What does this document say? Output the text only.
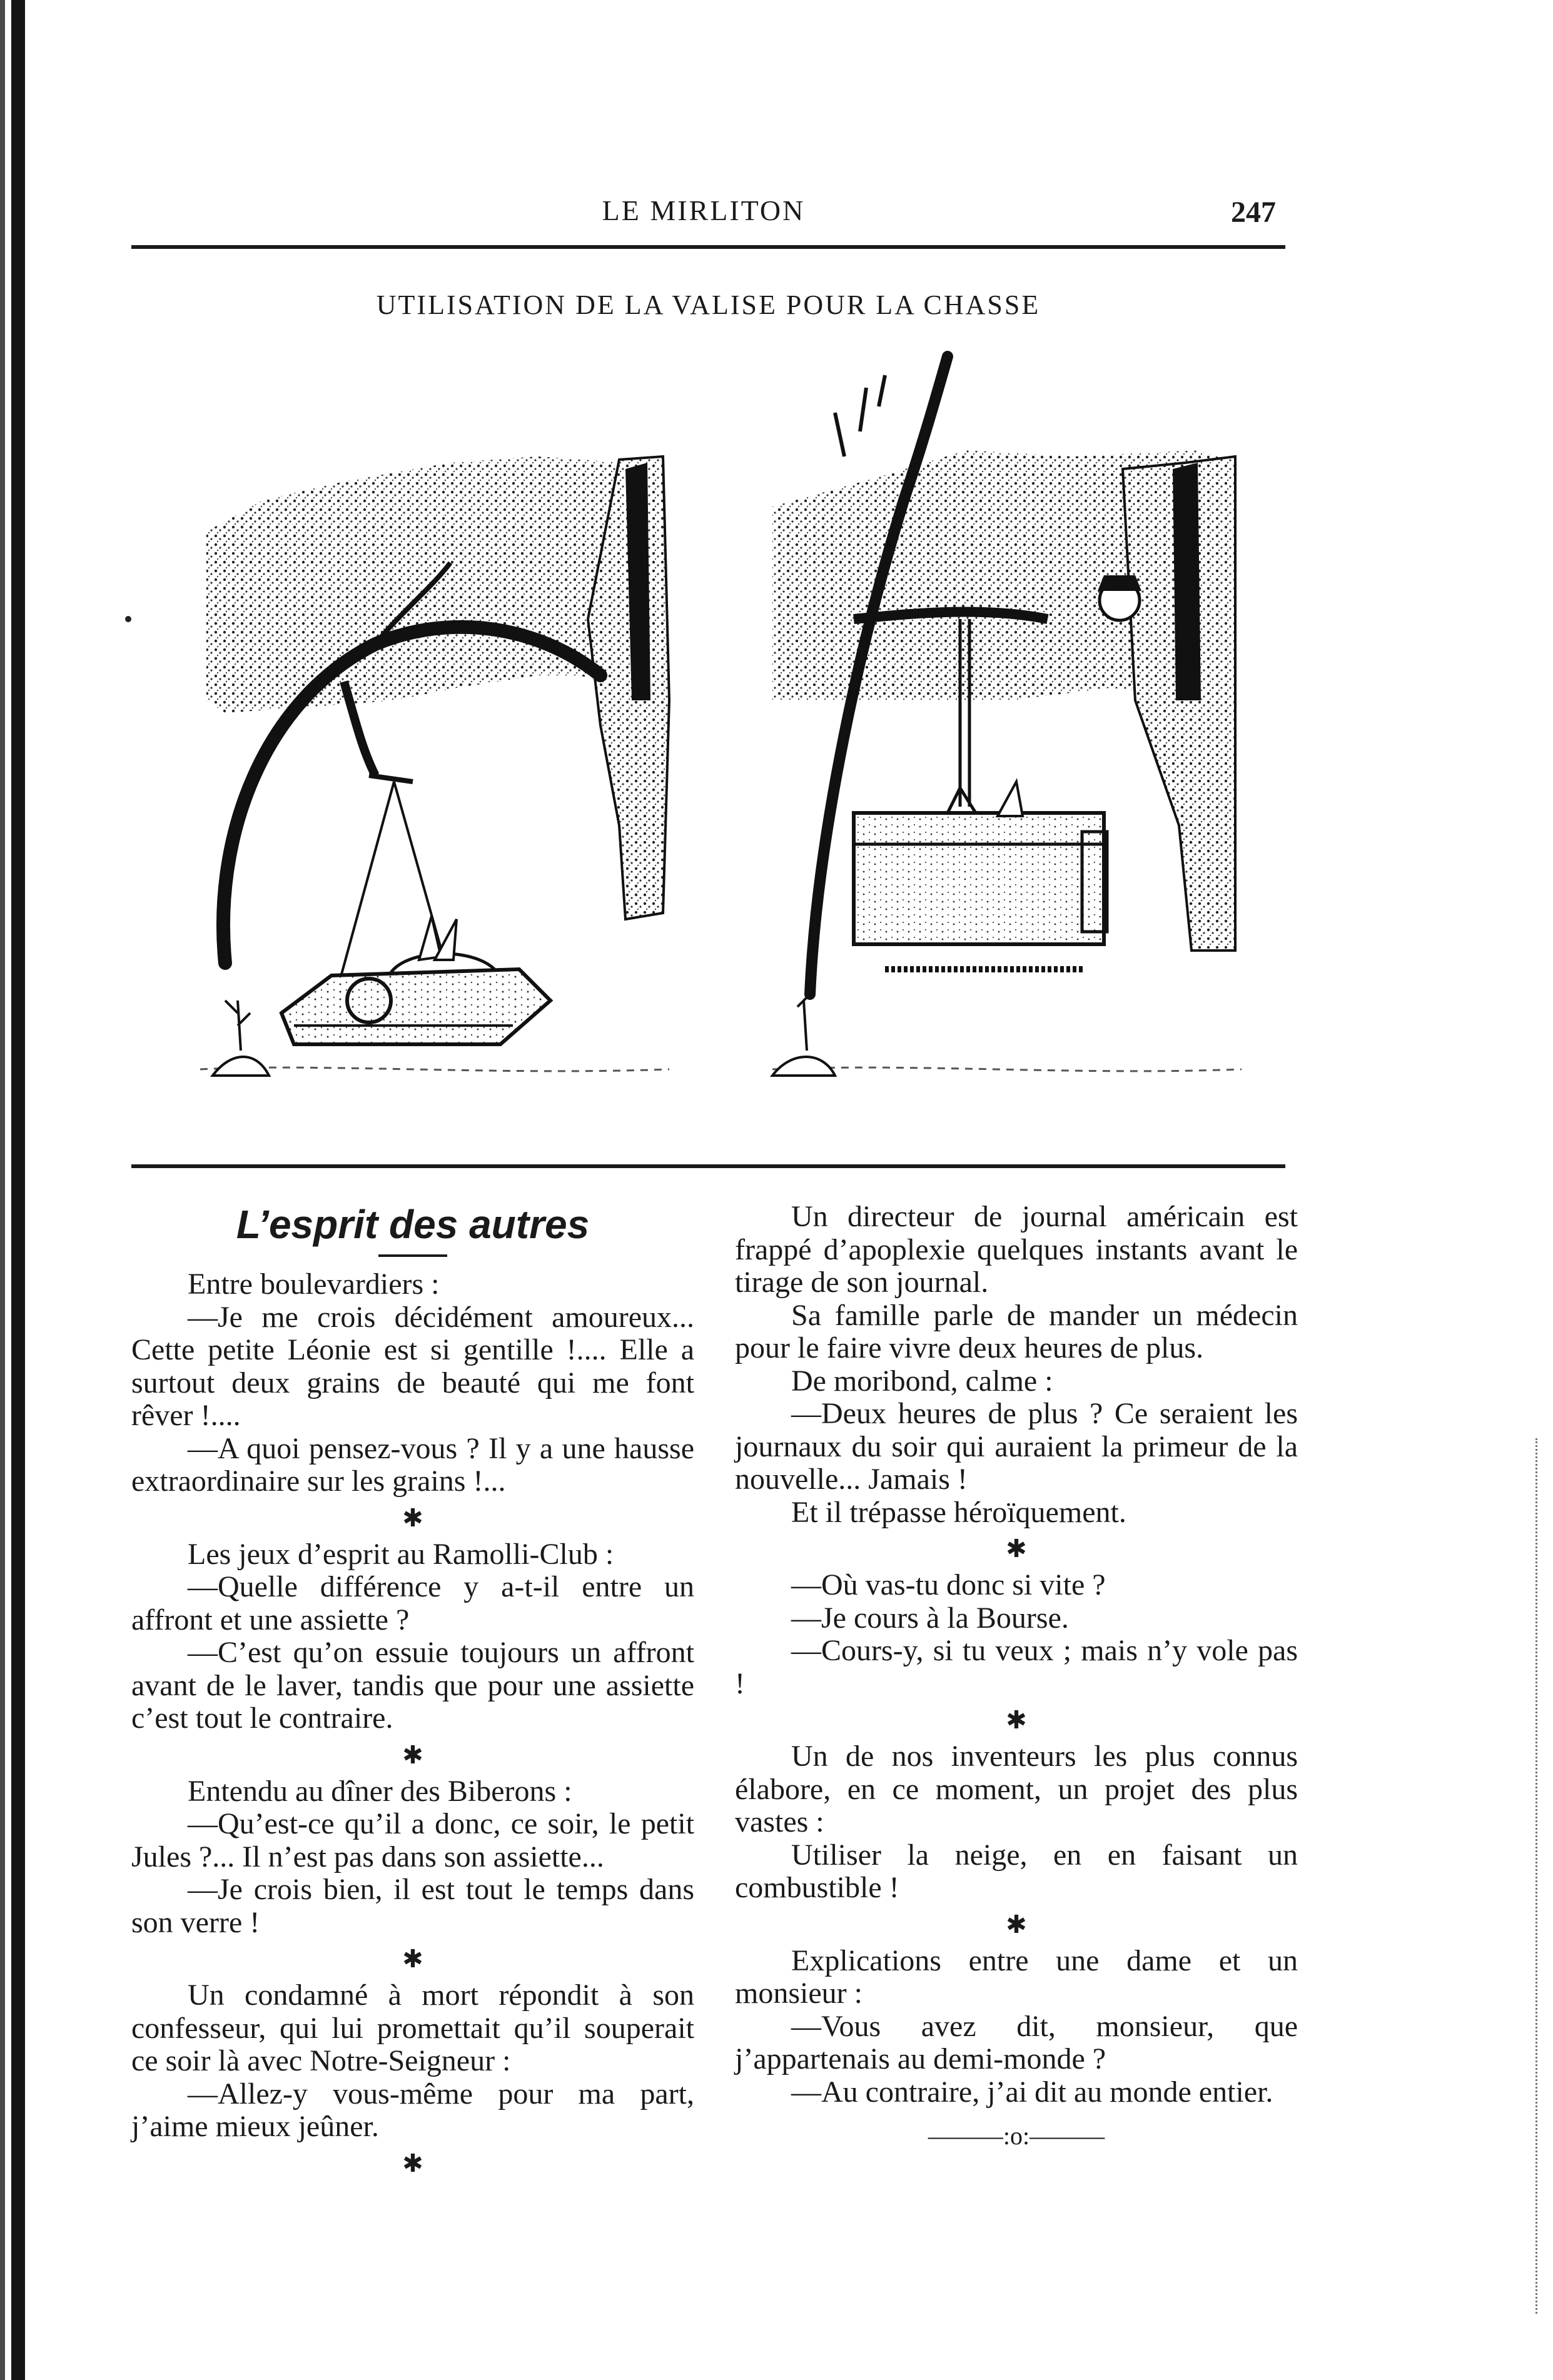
LE MIRLITON	247
UTILISATION DE LA VALISE POUR LA CHASSE
L’esprit des autres

Entre boulevardiers :

—Je me crois décidément amoureux... Cette petite Léonie est si gentille !.... Elle a surtout deux grains de beauté qui me font rêver !....

—A quoi pensez-vous ? Il y a une hausse extraordinaire sur les grains !...

✱

Les jeux d’esprit au Ramolli-Club :

—Quelle différence y a-t-il entre un affront et une assiette ?

—C’est qu’on essuie toujours un affront avant de le laver, tandis que pour une assiette c’est tout le contraire.

✱

Entendu au dîner des Biberons :

—Qu’est-ce qu’il a donc, ce soir, le petit Jules ?... Il n’est pas dans son assiette...

—Je crois bien, il est tout le temps dans son verre !

✱

Un condamné à mort répondit à son confesseur, qui lui promettait qu’il souperait ce soir là avec Notre-Seigneur :

—Allez-y vous-même pour ma part, j’aime mieux jeûner.

✱

Un directeur de journal américain est frappé d’apoplexie quelques instants avant le tirage de son journal.

Sa famille parle de mander un médecin pour le faire vivre deux heures de plus.

De moribond, calme :

—Deux heures de plus ? Ce seraient les journaux du soir qui auraient la primeur de la nouvelle... Jamais !

Et il trépasse héroïquement.

✱

—Où vas-tu donc si vite ?

—Je cours à la Bourse.

—Cours-y, si tu veux ; mais n’y vole pas !

✱

Un de nos inventeurs les plus connus élabore, en ce moment, un projet des plus vastes :

Utiliser la neige, en en faisant un combustible !

✱

Explications entre une dame et un monsieur :

—Vous avez dit, monsieur, que j’appartenais au demi-monde ?

—Au contraire, j’ai dit au monde entier.

———:o:———
